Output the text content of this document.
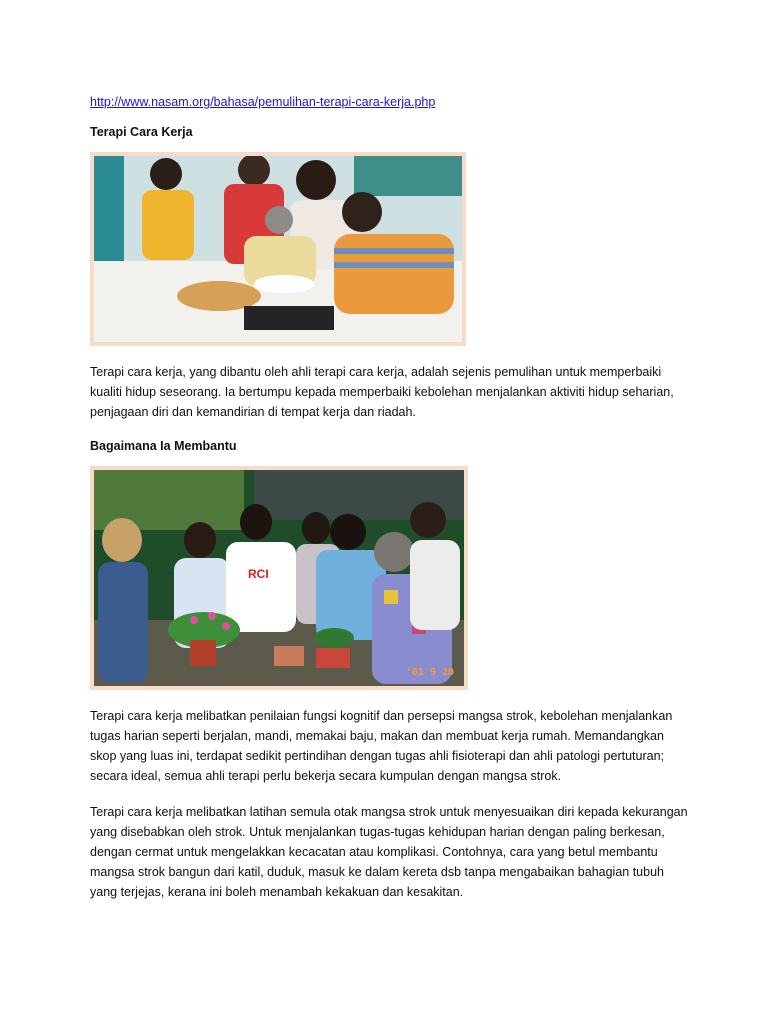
http://www.nasam.org/bahasa/pemulihan-terapi-cara-kerja.php
Terapi Cara Kerja
Terapi cara kerja, yang dibantu oleh ahli terapi cara kerja, adalah sejenis pemulihan untuk memperbaiki kualiti hidup seseorang. Ia bertumpu kepada memperbaiki kebolehan menjalankan aktiviti hidup seharian, penjagaan diri dan kemandirian di tempat kerja dan riadah.
Bagaimana Ia Membantu
RCI
'01 9 20
Terapi cara kerja melibatkan penilaian fungsi kognitif dan persepsi mangsa strok, kebolehan menjalankan tugas harian seperti berjalan, mandi, memakai baju, makan dan membuat kerja rumah. Memandangkan skop yang luas ini, terdapat sedikit pertindihan dengan tugas ahli fisioterapi dan ahli patologi pertuturan; secara ideal, semua ahli terapi perlu bekerja secara kumpulan dengan mangsa strok.
Terapi cara kerja melibatkan latihan semula otak mangsa strok untuk menyesuaikan diri kepada kekurangan yang disebabkan oleh strok. Untuk menjalankan tugas-tugas kehidupan harian dengan paling berkesan, dengan cermat untuk mengelakkan kecacatan atau komplikasi. Contohnya, cara yang betul membantu mangsa strok bangun dari katil, duduk, masuk ke dalam kereta dsb tanpa mengabaikan bahagian tubuh yang terjejas, kerana ini boleh menambah kekakuan dan kesakitan.
